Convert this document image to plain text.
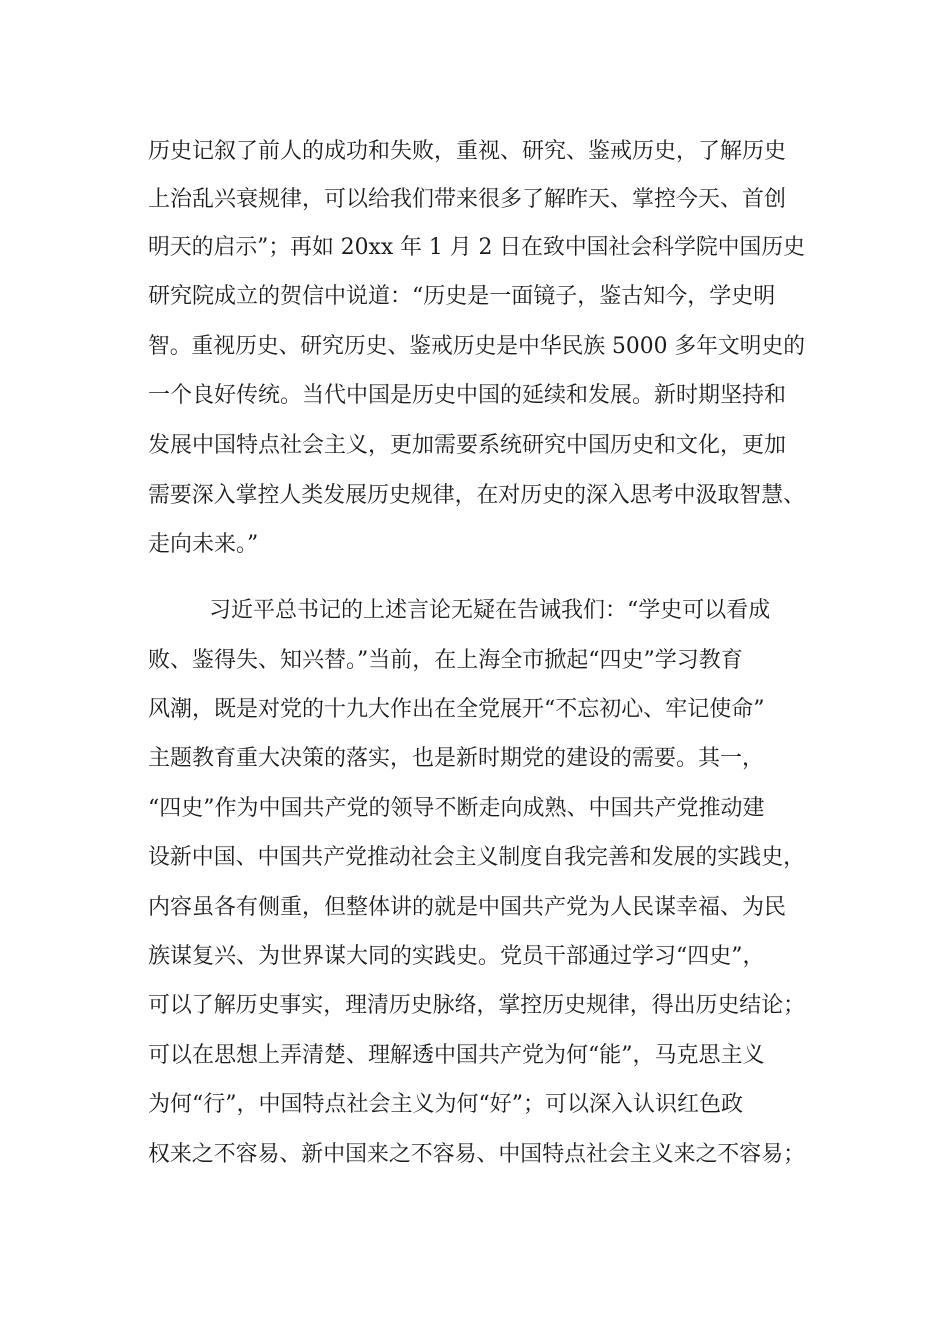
历史记叙了前人的成功和失败，重视、研究、鉴戒历史，了解历史
上治乱兴衰规律，可以给我们带来很多了解昨天、掌控今天、首创
明天的启示”；再如 20xx 年 1 月 2 日在致中国社会科学院中国历史
研究院成立的贺信中说道：“历史是一面镜子，鉴古知今，学史明
智。重视历史、研究历史、鉴戒历史是中华民族 5000 多年文明史的
一个良好传统。当代中国是历史中国的延续和发展。新时期坚持和
发展中国特点社会主义，更加需要系统研究中国历史和文化，更加
需要深入掌控人类发展历史规律，在对历史的深入思考中汲取智慧、
走向未来。”
习近平总书记的上述言论无疑在告诫我们：“学史可以看成
败、鉴得失、知兴替。”当前，在上海全市掀起“四史”学习教育
风潮，既是对党的十九大作出在全党展开“不忘初心、牢记使命”
主题教育重大决策的落实，也是新时期党的建设的需要。其一，
“四史”作为中国共产党的领导不断走向成熟、中国共产党推动建
设新中国、中国共产党推动社会主义制度自我完善和发展的实践史，
内容虽各有侧重，但整体讲的就是中国共产党为人民谋幸福、为民
族谋复兴、为世界谋大同的实践史。党员干部通过学习“四史”，
可以了解历史事实，理清历史脉络，掌控历史规律，得出历史结论；
可以在思想上弄清楚、理解透中国共产党为何“能”，马克思主义
为何“行”，中国特点社会主义为何“好”；可以深入认识红色政
权来之不容易、新中国来之不容易、中国特点社会主义来之不容易；
